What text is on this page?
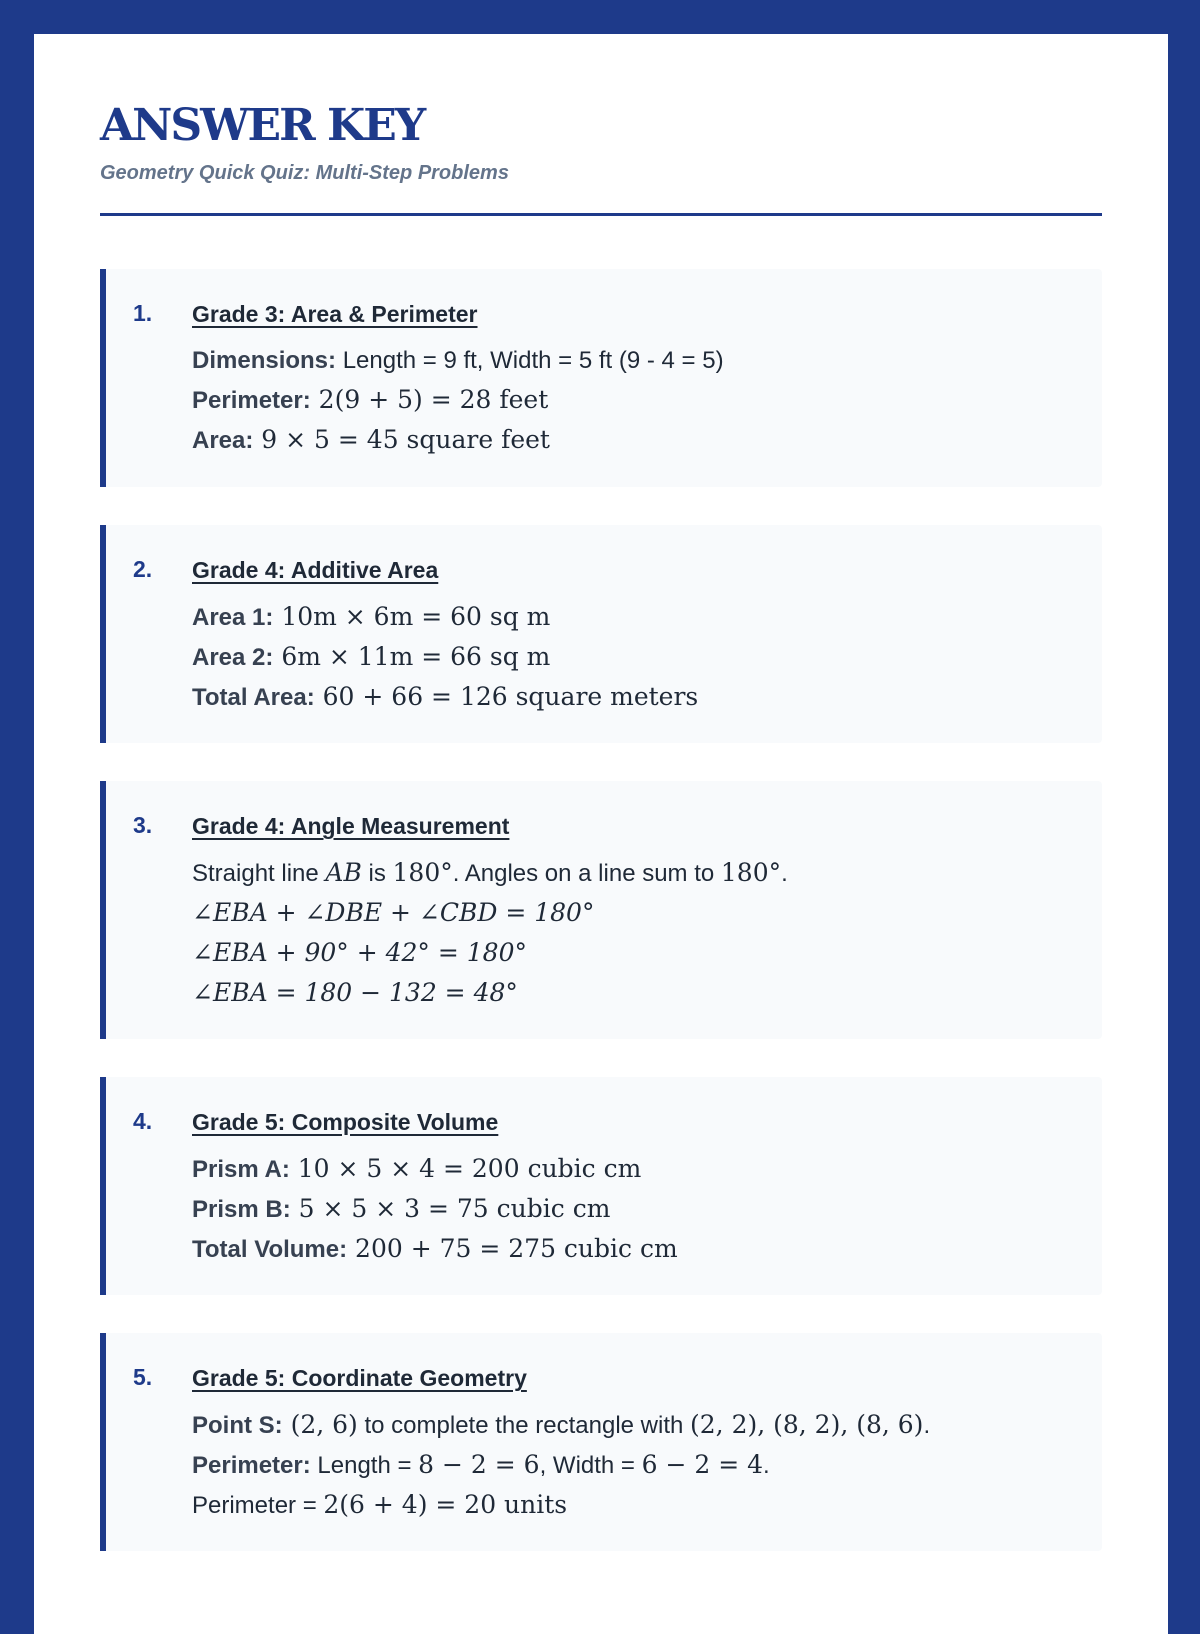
ANSWER KEY
Geometry Quick Quiz: Multi-Step Problems
1. Grade 3: Area & Perimeter
Dimensions: Length = 9 ft, Width = 5 ft (9 - 4 = 5)
Perimeter: 2(9 + 5) = 28 feet
Area: 9 × 5 = 45 square feet
2. Grade 4: Additive Area
Area 1: 10m × 6m = 60 sq m
Area 2: 6m × 11m = 66 sq m
Total Area: 60 + 66 = 126 square meters
3. Grade 4: Angle Measurement
Straight line AB is 180°. Angles on a line sum to 180°.
∠EBA + ∠DBE + ∠CBD = 180°
∠EBA + 90° + 42° = 180°
∠EBA = 180 − 132 = 48°
4. Grade 5: Composite Volume
Prism A: 10 × 5 × 4 = 200 cubic cm
Prism B: 5 × 5 × 3 = 75 cubic cm
Total Volume: 200 + 75 = 275 cubic cm
5. Grade 5: Coordinate Geometry
Point S: (2, 6) to complete the rectangle with (2, 2), (8, 2), (8, 6).
Perimeter: Length = 8 − 2 = 6, Width = 6 − 2 = 4.
Perimeter = 2(6 + 4) = 20 units
